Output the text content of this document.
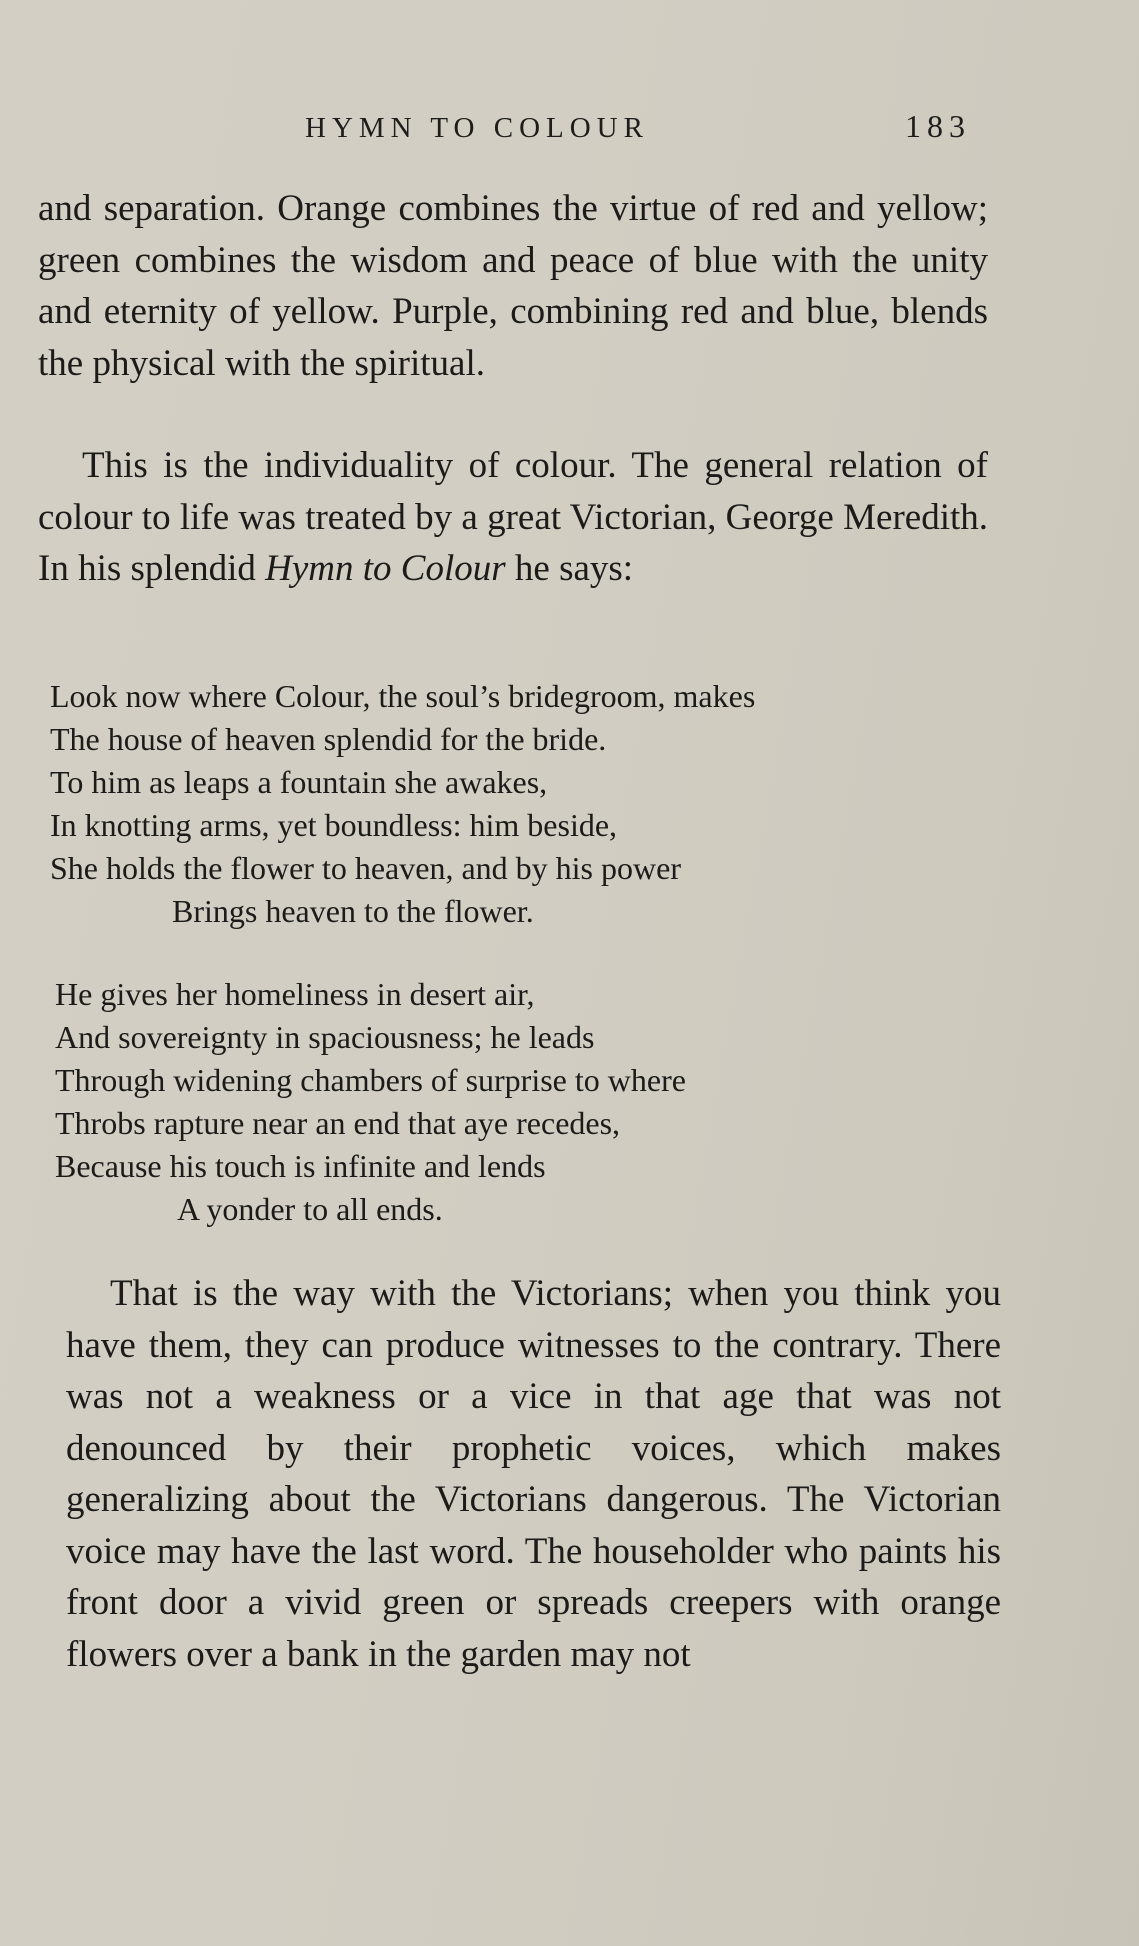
HYMN TO COLOUR	183

and separation. Orange combines the virtue of red and yellow; green combines the wisdom and peace of blue with the unity and eternity of yellow. Purple, combining red and blue, blends the physical with the spiritual.

This is the individuality of colour. The general relation of colour to life was treated by a great Victorian, George Meredith. In his splendid Hymn to Colour he says:

Look now where Colour, the soul’s bridegroom, makes
The house of heaven splendid for the bride.
To him as leaps a fountain she awakes,
In knotting arms, yet boundless: him beside,
She holds the flower to heaven, and by his power
Brings heaven to the flower.
He gives her homeliness in desert air,
And sovereignty in spaciousness; he leads
Through widening chambers of surprise to where
Throbs rapture near an end that aye recedes,
Because his touch is infinite and lends
A yonder to all ends.

That is the way with the Victorians; when you think you have them, they can produce witnesses to the contrary. There was not a weakness or a vice in that age that was not denounced by their prophetic voices, which makes generalizing about the Victorians dangerous. The Victorian voice may have the last word. The householder who paints his front door a vivid green or spreads creepers with orange flowers over a bank in the garden may not
